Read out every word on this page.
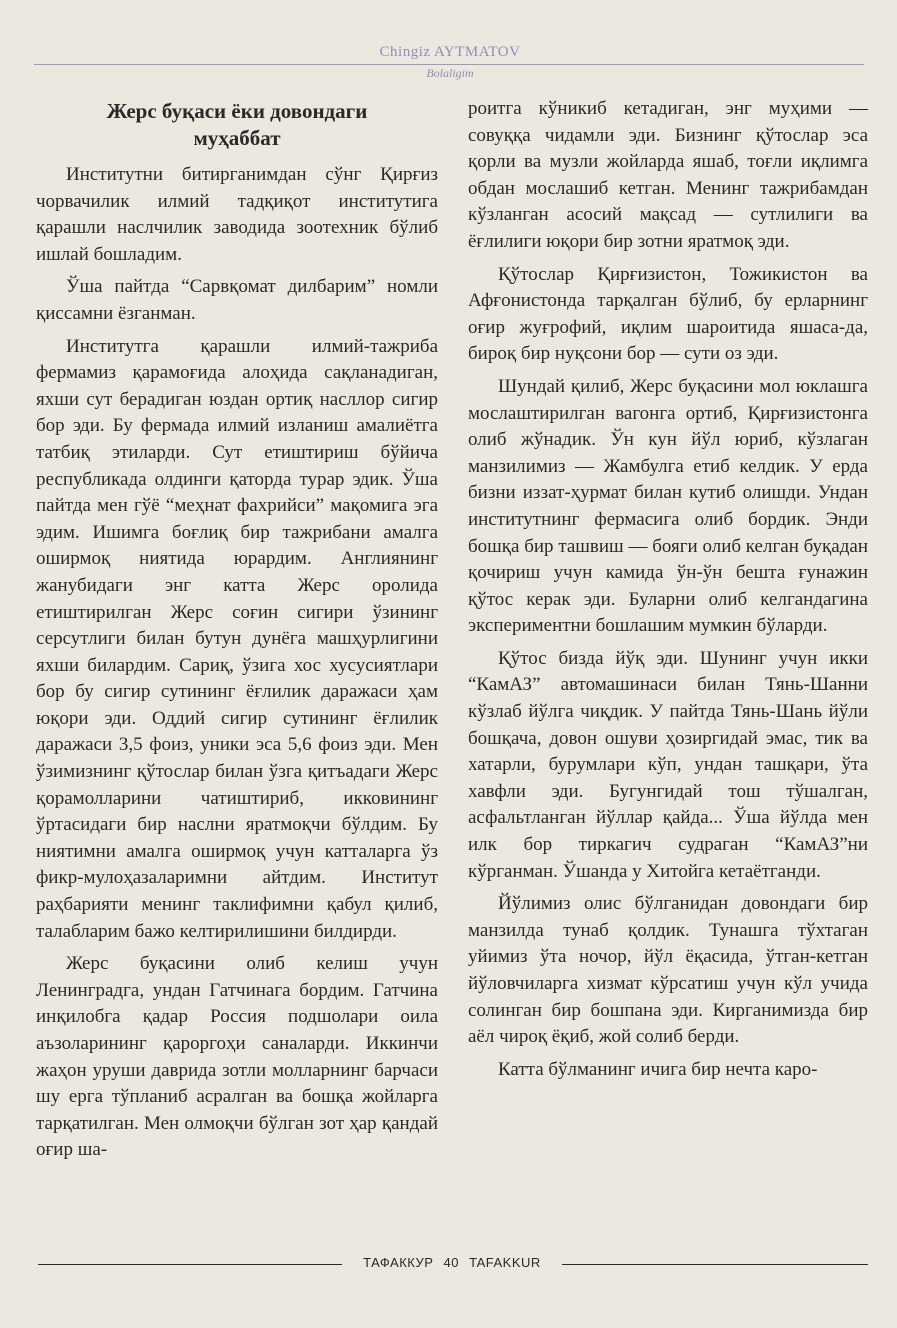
Chingiz AYTMATOV
Bolaligim
Жерс буқаси ёки довондаги
муҳаббат

Институтни битирганимдан сўнг Қирғиз чорвачилик илмий тадқиқот институтига қарашли наслчилик заводида зоотехник бўлиб ишлай бошладим.

Ўша пайтда “Сарвқомат дилбарим” номли қиссамни ёзганман.

Институтга қарашли илмий-тажриба фермамиз қарамоғида алоҳида сақланадиган, яхши сут берадиган юздан ортиқ насллор сигир бор эди. Бу фермада илмий изланиш амалиётга татбиқ этиларди. Сут етиштириш бўйича республикада олдинги қаторда турар эдик. Ўша пайтда мен гўё “меҳнат фахрийси” мақомига эга эдим. Ишимга боғлиқ бир тажрибани амалга оширмоқ ниятида юрардим. Англиянинг жанубидаги энг катта Жерс оролида етиштирилган Жерс соғин сигири ўзининг серсутлиги билан бутун дунёга машҳурлигини яхши билардим. Сариқ, ўзига хос хусусиятлари бор бу сигир сутининг ёғлилик даражаси ҳам юқори эди. Оддий сигир сутининг ёғлилик даражаси 3,5 фоиз, уники эса 5,6 фоиз эди. Мен ўзимизнинг қўтослар билан ўзга қитъадаги Жерс қорамолларини чатиштириб, икковининг ўртасидаги бир наслни яратмоқчи бўлдим. Бу ниятимни амалга оширмоқ учун катталарга ўз фикр-мулоҳазаларимни айтдим. Институт раҳбарияти менинг таклифимни қабул қилиб, талабларим бажо келтирилишини билдирди.

Жерс буқасини олиб келиш учун Ленинградга, ундан Гатчинага бордим. Гатчина инқилобга қадар Россия подшолари оила аъзоларининг қароргоҳи саналарди. Иккинчи жаҳон уруши даврида зотли молларнинг барчаси шу ерга тўпланиб асралган ва бошқа жойларга тарқатилган. Мен олмоқчи бўлган зот ҳар қандай оғир ша-

роитга кўникиб кетадиган, энг муҳими — совуққа чидамли эди. Бизнинг қўтослар эса қорли ва музли жойларда яшаб, тоғли иқлимга обдан мослашиб кетган. Менинг тажрибамдан кўзланган асосий мақсад — сутлилиги ва ёғлилиги юқори бир зотни яратмоқ эди.

Қўтослар Қирғизистон, Тожикистон ва Афғонистонда тарқалган бўлиб, бу ерларнинг оғир жуғрофий, иқлим шароитида яшаса-да, бироқ бир нуқсони бор — сути оз эди.

Шундай қилиб, Жерс буқасини мол юклашга мослаштирилган вагонга ортиб, Қирғизистонга олиб жўнадик. Ўн кун йўл юриб, кўзлаган манзилимиз — Жамбулга етиб келдик. У ерда бизни иззат-ҳурмат билан кутиб олишди. Ундан институтнинг фермасига олиб бордик. Энди бошқа бир ташвиш — бояги олиб келган буқадан қочириш учун камида ўн-ўн бешта ғунажин қўтос керак эди. Буларни олиб келгандагина экспериментни бошлашим мумкин бўларди.

Қўтос бизда йўқ эди. Шунинг учун икки “КамАЗ” автомашинаси билан Тянь-Шанни кўзлаб йўлга чиқдик. У пайтда Тянь-Шань йўли бошқача, довон ошуви ҳозиргидай эмас, тик ва хатарли, бурумлари кўп, ундан ташқари, ўта хавфли эди. Бугунгидай тош тўшалган, асфальтланган йўллар қайда... Ўша йўлда мен илк бор тиркагич судраган “КамАЗ”ни кўрганман. Ўшанда у Хитойга кетаётганди.

Йўлимиз олис бўлганидан довондаги бир манзилда тунаб қолдик. Тунашга тўхтаган уйимиз ўта ночор, йўл ёқасида, ўтган-кетган йўловчиларга хизмат кўрсатиш учун кўл учида солинган бир бошпана эди. Кирганимизда бир аёл чироқ ёқиб, жой солиб берди.

Катта бўлманинг ичига бир нечта каро-

ТАФАККУР 40 TAFAKKUR
